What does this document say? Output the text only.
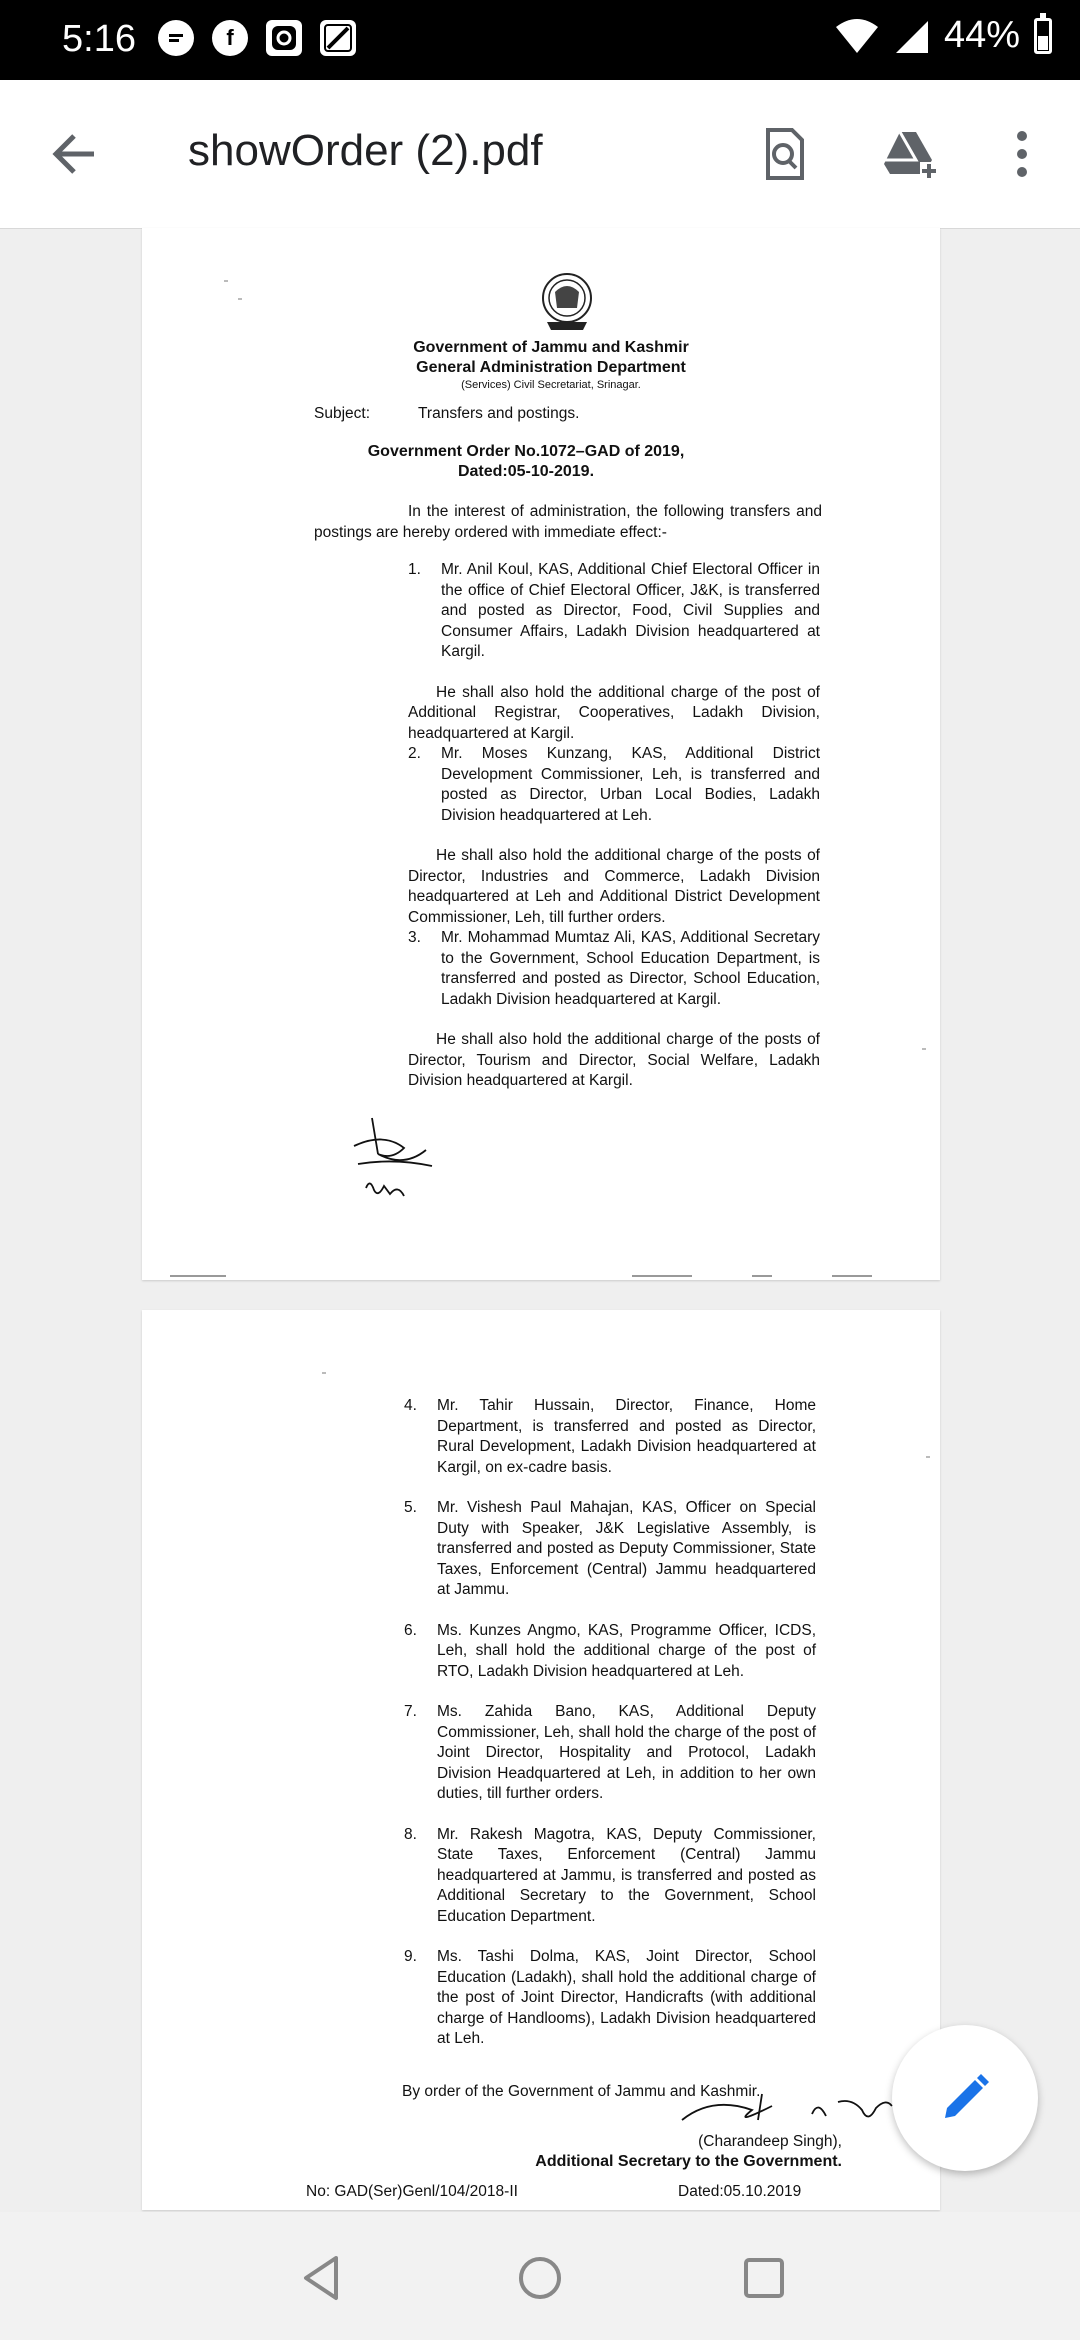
5:16	f	44%
showOrder (2).pdf

Government of Jammu and Kashmir

General Administration Department

(Services) Civil Secretariat, Srinagar.

Subject:	Transfers and postings.

Government Order No.1072–GAD of 2019,

Dated:05-10-2019.

In the interest of administration, the following transfers and postings are hereby ordered with immediate effect:-

1.	Mr. Anil Koul, KAS, Additional Chief Electoral Officer in the office of Chief Electoral Officer, J&K, is transferred and posted as Director, Food, Civil Supplies and Consumer Affairs, Ladakh Division headquartered at Kargil.

He shall also hold the additional charge of the post of Additional Registrar, Cooperatives, Ladakh Division, headquartered at Kargil.

2.	Mr. Moses Kunzang, KAS, Additional District Development Commissioner, Leh, is transferred and posted as Director, Urban Local Bodies, Ladakh Division headquartered at Leh.

He shall also hold the additional charge of the posts of Director, Industries and Commerce, Ladakh Division headquartered at Leh and Additional District Development Commissioner, Leh, till further orders.

3.	Mr. Mohammad Mumtaz Ali, KAS, Additional Secretary to the Government, School Education Department, is transferred and posted as Director, School Education, Ladakh Division headquartered at Kargil.

He shall also hold the additional charge of the posts of Director, Tourism and Director, Social Welfare, Ladakh Division headquartered at Kargil.

4.	Mr. Tahir Hussain, Director, Finance, Home Department, is transferred and posted as Director, Rural Development, Ladakh Division headquartered at Kargil, on ex-cadre basis.
5.	Mr. Vishesh Paul Mahajan, KAS, Officer on Special Duty with Speaker, J&K Legislative Assembly, is transferred and posted as Deputy Commissioner, State Taxes, Enforcement (Central) Jammu headquartered at Jammu.
6.	Ms. Kunzes Angmo, KAS, Programme Officer, ICDS, Leh, shall hold the additional charge of the post of RTO, Ladakh Division headquartered at Leh.
7.	Ms. Zahida Bano, KAS, Additional Deputy Commissioner, Leh, shall hold the charge of the post of Joint Director, Hospitality and Protocol, Ladakh Division Headquartered at Leh, in addition to her own duties, till further orders.
8.	Mr. Rakesh Magotra, KAS, Deputy Commissioner, State Taxes, Enforcement (Central) Jammu headquartered at Jammu, is transferred and posted as Additional Secretary to the Government, School Education Department.
9.	Ms. Tashi Dolma, KAS, Joint Director, School Education (Ladakh), shall hold the additional charge of the post of Joint Director, Handicrafts (with additional charge of Handlooms), Ladakh Division headquartered at Leh.

By order of the Government of Jammu and Kashmir.

(Charandeep Singh),

Additional Secretary to the Government.

No: GAD(Ser)Genl/104/2018-II	Dated:05.10.2019
